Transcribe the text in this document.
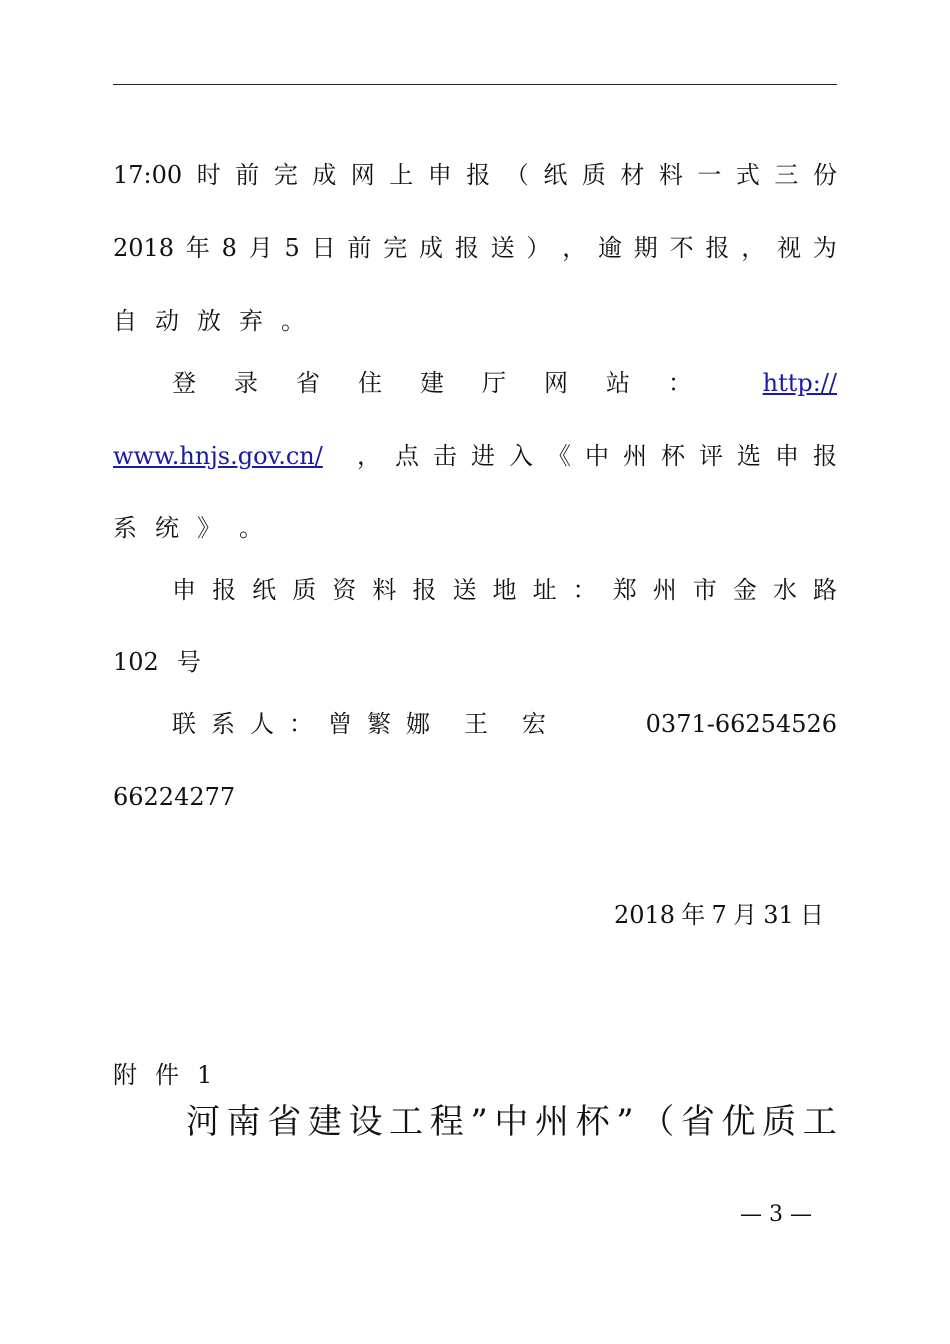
17:00 时 前 完 成 网 上 申 报 （ 纸 质 材 料 一 式 三 份
2018 年 8 月 5 日 前 完 成 报 送 ） ， 逾 期 不 报 ， 视 为
自 动 放 弃 。
登 录 省 住 建 厅 网 站 ：	http://
www.hnjs.gov.cn/ ， 点 击 进 入 《 中 州 杯 评 选 申 报
系 统 》 。
申 报 纸 质 资 料 报 送 地 址 ： 郑 州 市 金 水 路
102 号
联 系 人 ： 曾 繁 娜 王 宏	0371-66254526
66224277
2018 年 7 月 31 日
附 件 1
河 南 省 建 设 工 程 ” 中 州 杯 ” （ 省 优 质 工
— 3 —
